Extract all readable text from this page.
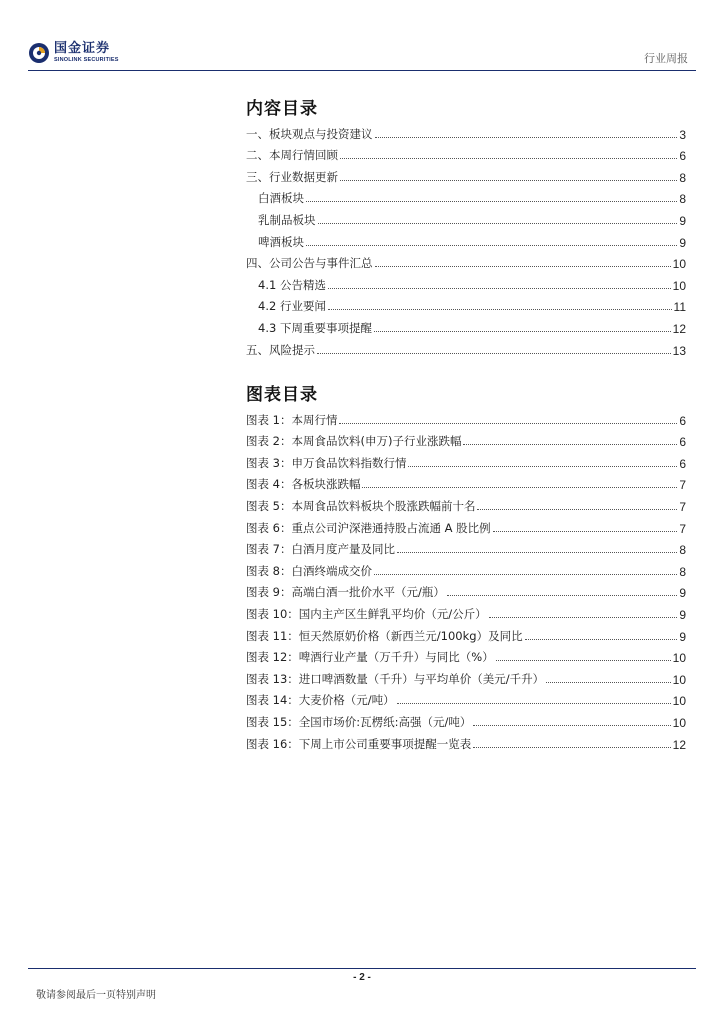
国金证券
SINOLINK SECURITIES	行业周报
内容目录
一、板块观点与投资建议	3
二、本周行情回顾	6
三、行业数据更新	8
白酒板块	8
乳制品板块	9
啤酒板块	9
四、公司公告与事件汇总	10
4.1 公告精选	10
4.2 行业要闻	11
4.3 下周重要事项提醒	12
五、风险提示	13
图表目录
图表 1：本周行情	6
图表 2：本周食品饮料(申万)子行业涨跌幅	6
图表 3：申万食品饮料指数行情	6
图表 4：各板块涨跌幅	7
图表 5：本周食品饮料板块个股涨跌幅前十名	7
图表 6：重点公司沪深港通持股占流通 A 股比例	7
图表 7：白酒月度产量及同比	8
图表 8：白酒终端成交价	8
图表 9：高端白酒一批价水平（元/瓶）	9
图表 10：国内主产区生鲜乳平均价（元/公斤）	9
图表 11：恒天然原奶价格（新西兰元/100kg）及同比	9
图表 12：啤酒行业产量（万千升）与同比（%）	10
图表 13：进口啤酒数量（千升）与平均单价（美元/千升）	10
图表 14：大麦价格（元/吨）	10
图表 15：全国市场价:瓦楞纸:高强（元/吨）	10
图表 16：下周上市公司重要事项提醒一览表	12
- 2 -
敬请参阅最后一页特别声明
